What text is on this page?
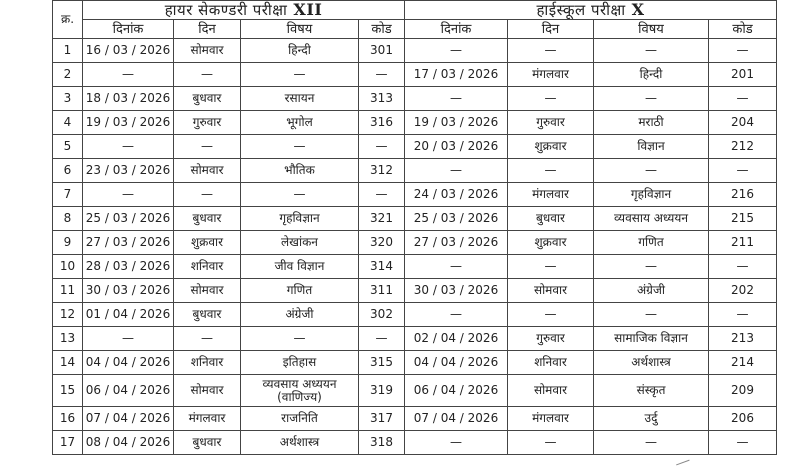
क्र.	हायर सेकण्डरी परीक्षा XII				हाईस्कूल परीक्षा X			
	दिनांक	दिन	विषय	कोड	दिनांक	दिन	विषय	कोड
1	16 / 03 / 2026	सोमवार	हिन्दी	301	—	—	—	—
2	—	—	—	—	17 / 03 / 2026	मंगलवार	हिन्दी	201
3	18 / 03 / 2026	बुधवार	रसायन	313	—	—	—	—
4	19 / 03 / 2026	गुरुवार	भूगोल	316	19 / 03 / 2026	गुरुवार	मराठी	204
5	—	—	—	—	20 / 03 / 2026	शुक्रवार	विज्ञान	212
6	23 / 03 / 2026	सोमवार	भौतिक	312	—	—	—	—
7	—	—	—	—	24 / 03 / 2026	मंगलवार	गृहविज्ञान	216
8	25 / 03 / 2026	बुधवार	गृहविज्ञान	321	25 / 03 / 2026	बुधवार	व्यवसाय अध्ययन	215
9	27 / 03 / 2026	शुक्रवार	लेखांकन	320	27 / 03 / 2026	शुक्रवार	गणित	211
10	28 / 03 / 2026	शनिवार	जीव विज्ञान	314	—	—	—	—
11	30 / 03 / 2026	सोमवार	गणित	311	30 / 03 / 2026	सोमवार	अंग्रेजी	202
12	01 / 04 / 2026	बुधवार	अंग्रेजी	302	—	—	—	—
13	—	—	—	—	02 / 04 / 2026	गुरुवार	सामाजिक विज्ञान	213
14	04 / 04 / 2026	शनिवार	इतिहास	315	04 / 04 / 2026	शनिवार	अर्थशास्त्र	214
15	06 / 04 / 2026	सोमवार	व्यवसाय अध्ययन (वाणिज्य)	319	06 / 04 / 2026	सोमवार	संस्कृत	209
16	07 / 04 / 2026	मंगलवार	राजनिति	317	07 / 04 / 2026	मंगलवार	उर्दु	206
17	08 / 04 / 2026	बुधवार	अर्थशास्त्र	318	—	—	—	—
